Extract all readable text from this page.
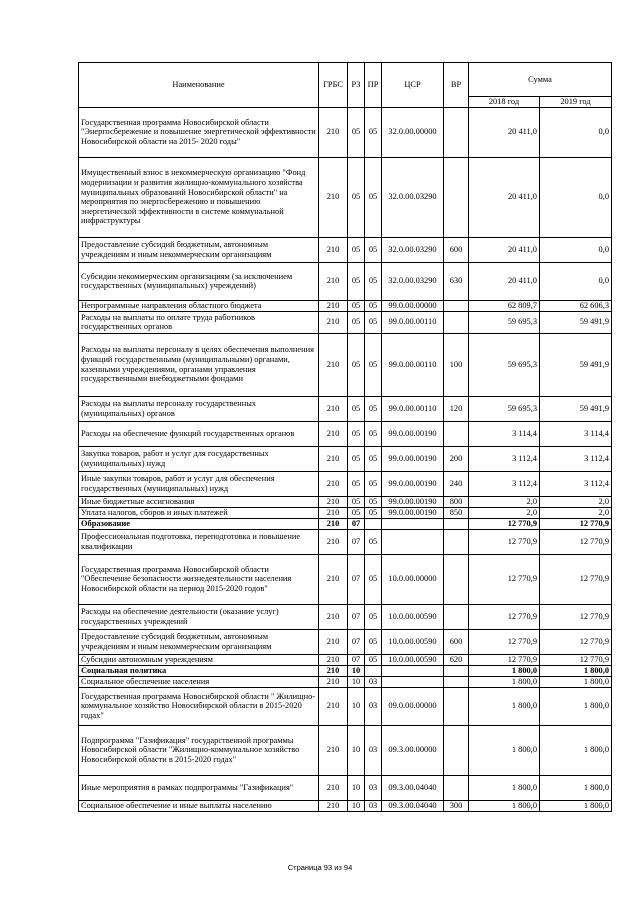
Наименование	ГРБС	РЗ	ПР	ЦСР	ВР	Сумма	
						2018 год	2019 год
Государственная программа Новосибирской области "Энергосбережение и повышение энергетической эффективности Новосибирской области на 2015- 2020 годы"	210	05	05	32.0.00.00000		20 411,0	0,0
Имущественный взнос в некоммерческую организацию "Фонд модернизации и развития жилищно-коммунального хозяйства муниципальных образований Новосибирской области" на мероприятия по энергосбережению и повышению энергетической эффективности в системе коммунальной инфраструктуры	210	05	05	32.0.00.03290		20 411,0	0,0
Предоставление субсидий бюджетным, автономным учреждениям и иным некоммерческим организациям	210	05	05	32.0.00.03290	600	20 411,0	0,0
Субсидии некоммерческим организациям (за исключением государственных (муниципальных) учреждений)	210	05	05	32.0.00.03290	630	20 411,0	0,0
Непрограммные направления областного бюджета	210	05	05	99.0.00.00000		62 809,7	62 606,3
Расходы на выплаты по оплате труда работников государственных органов	210	05	05	99.0.00.00110		59 695,3	59 491,9
Расходы на выплаты персоналу в целях обеспечения выполнения функций государственными (муниципальными) органами, казенными учреждениями, органами управления государственными внебюджетными фондами	210	05	05	99.0.00.00110	100	59 695,3	59 491,9
Расходы на выплаты персоналу государственных (муниципальных) органов	210	05	05	99.0.00.00110	120	59 695,3	59 491,9
Расходы на обеспечение функций государственных органов	210	05	05	99.0.00.00190		3 114,4	3 114,4
Закупка товаров, работ и услуг для государственных (муниципальных) нужд	210	05	05	99.0.00.00190	200	3 112,4	3 112,4
Иные закупки товаров, работ и услуг для обеспечения государственных (муниципальных) нужд	210	05	05	99.0.00.00190	240	3 112,4	3 112,4
Иные бюджетные ассигнования	210	05	05	99.0.00.00190	800	2,0	2,0
Уплата налогов, сборов и иных платежей	210	05	05	99.0.00.00190	850	2,0	2,0
Образование	210	07				12 770,9	12 770,9
Профессиональная подготовка, переподготовка и повышение квалификации	210	07	05			12 770,9	12 770,9
Государственная программа Новосибирской области "Обеспечение безопасности жизнедеятельности населения Новосибирской области на период 2015-2020 годов"	210	07	05	10.0.00.00000		12 770,9	12 770,9
Расходы на обеспечение деятельности (оказание услуг) государственных учреждений	210	07	05	10.0.00.00590		12 770,9	12 770,9
Предоставление субсидий бюджетным, автономным учреждениям и иным некоммерческим организациям	210	07	05	10.0.00.00590	600	12 770,9	12 770,9
Субсидии автономным учреждениям	210	07	05	10.0.00.00590	620	12 770,9	12 770,9
Социальная политика	210	10				1 800,0	1 800,0
Социальное обеспечение населения	210	10	03			1 800,0	1 800,0
Государственная программа Новосибирской области " Жилищно-коммунальное хозяйство Новосибирской области в 2015-2020 годах"	210	10	03	09.0.00.00000		1 800,0	1 800,0
Подпрограмма "Газификация" государственной программы Новосибирской области "Жилищно-коммунальное хозяйство Новосибирской области в 2015-2020 годах"	210	10	03	09.3.00.00000		1 800,0	1 800,0
Иные мероприятия в рамках подпрограммы "Газификация"	210	10	03	09.3.00.04040		1 800,0	1 800,0
Социальное обеспечение и иные выплаты населению	210	10	03	09.3.00.04040	300	1 800,0	1 800,0
Страница 93 из 94
